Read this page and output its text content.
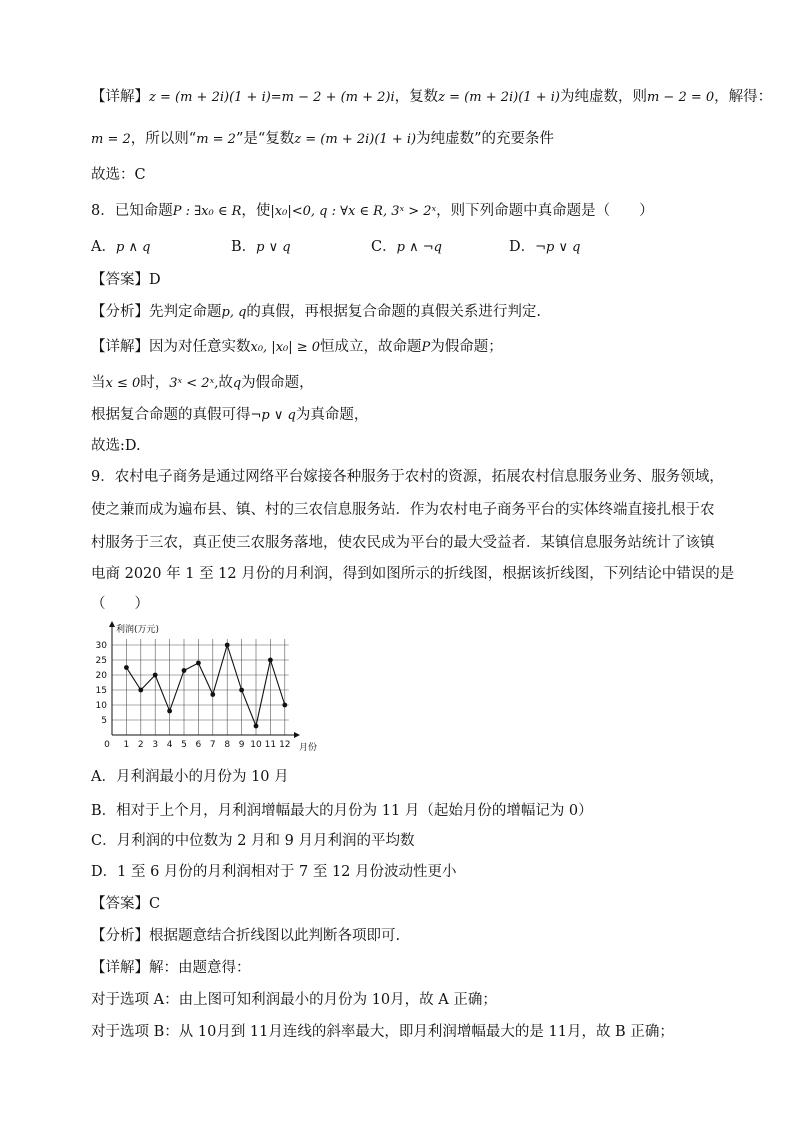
【详解】z = (m + 2i)(1 + i)=m − 2 + (m + 2)i，复数z = (m + 2i)(1 + i)为纯虚数，则m − 2 = 0，解得：
m = 2，所以则“m = 2”是“复数z = (m + 2i)(1 + i)为纯虚数”的充要条件
故选：C
8．已知命题P : ∃x₀ ∈ R，使|x₀|<0, q : ∀x ∈ R, 3ˣ > 2ˣ，则下列命题中真命题是（　　）
A．p ∧ q	B．p ∨ q	C．p ∧ ¬q	D．¬p ∨ q
【答案】D
【分析】先判定命题p, q的真假，再根据复合命题的真假关系进行判定.
【详解】因为对任意实数x₀, |x₀| ≥ 0恒成立，故命题P为假命题；
当x ≤ 0时，3ˣ < 2ˣ,故q为假命题，
根据复合命题的真假可得¬p ∨ q为真命题，
故选:D.
9．农村电子商务是通过网络平台嫁接各种服务于农村的资源，拓展农村信息服务业务、服务领域，
使之兼而成为遍布县、镇、村的三农信息服务站．作为农村电子商务平台的实体终端直接扎根于农
村服务于三农，真正使三农服务落地，使农民成为平台的最大受益者．某镇信息服务站统计了该镇
电商 2020 年 1 至 12 月份的月利润，得到如图所示的折线图，根据该折线图，下列结论中错误的是
（　　）
利润(万元)
月份
5
10
15
20
25
30
0 1 2 3 4 5 6 7 8 9 10 11 12
A．月利润最小的月份为 10 月
B．相对于上个月，月利润增幅最大的月份为 11 月（起始月份的增幅记为 0）
C．月利润的中位数为 2 月和 9 月月利润的平均数
D．1 至 6 月份的月利润相对于 7 至 12 月份波动性更小
【答案】C
【分析】根据题意结合折线图以此判断各项即可.
【详解】解：由题意得：
对于选项 A：由上图可知利润最小的月份为 10月，故 A 正确；
对于选项 B：从 10月到 11月连线的斜率最大，即月利润增幅最大的是 11月，故 B 正确；
